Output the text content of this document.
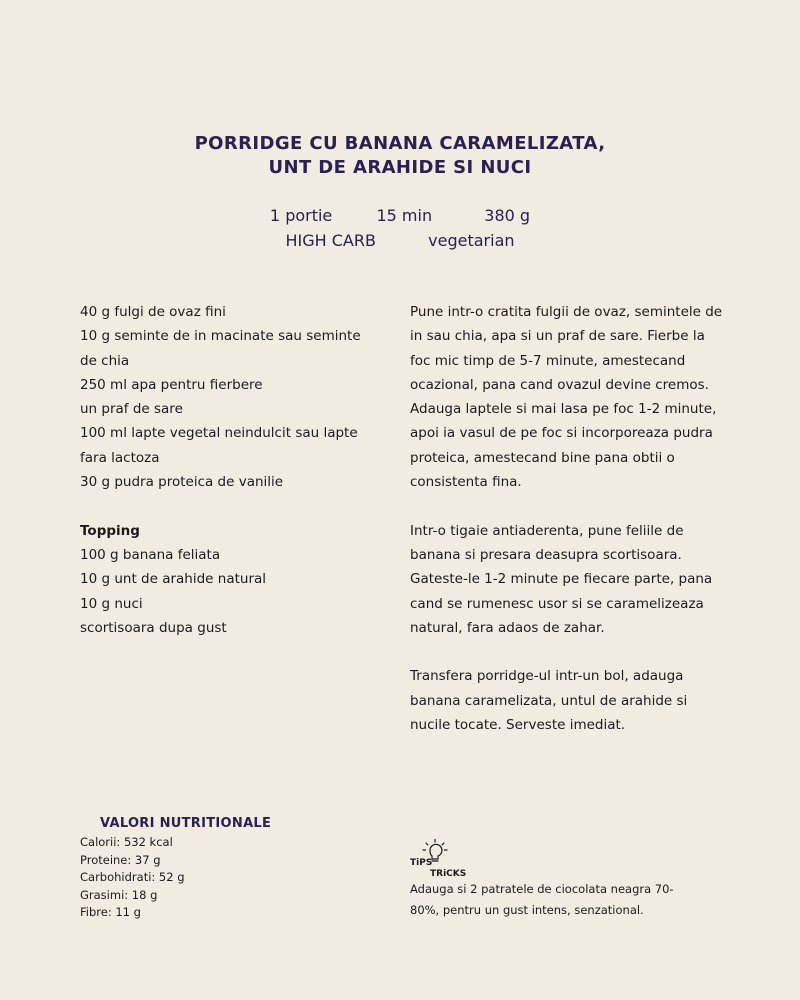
PORRIDGE CU BANANA CARAMELIZATA,
UNT DE ARAHIDE SI NUCI
1 portie	15 min	380 g
HIGH CARB	vegetarian
40 g fulgi de ovaz fini
10 g seminte de in macinate sau seminte
de chia
250 ml apa pentru fierbere
un praf de sare
100 ml lapte vegetal neindulcit sau lapte
fara lactoza
30 g pudra proteica de vanilie
Topping
100 g banana feliata
10 g unt de arahide natural
10 g nuci
scortisoara dupa gust
Pune intr-o cratita fulgii de ovaz, semintele de
in sau chia, apa si un praf de sare. Fierbe la
foc mic timp de 5-7 minute, amestecand
ocazional, pana cand ovazul devine cremos.
Adauga laptele si mai lasa pe foc 1-2 minute,
apoi ia vasul de pe foc si incorporeaza pudra
proteica, amestecand bine pana obtii o
consistenta fina.
Intr-o tigaie antiaderenta, pune feliile de
banana si presara deasupra scortisoara.
Gateste-le 1-2 minute pe fiecare parte, pana
cand se rumenesc usor si se caramelizeaza
natural, fara adaos de zahar.
Transfera porridge-ul intr-un bol, adauga
banana caramelizata, untul de arahide si
nucile tocate. Serveste imediat.
VALORI NUTRITIONALE
Calorii: 532 kcal
Proteine: 37 g
Carbohidrati: 52 g
Grasimi: 18 g
Fibre: 11 g
TiPS
TRiCKS
Adauga si 2 patratele de ciocolata neagra 70-
80%, pentru un gust intens, senzational.
